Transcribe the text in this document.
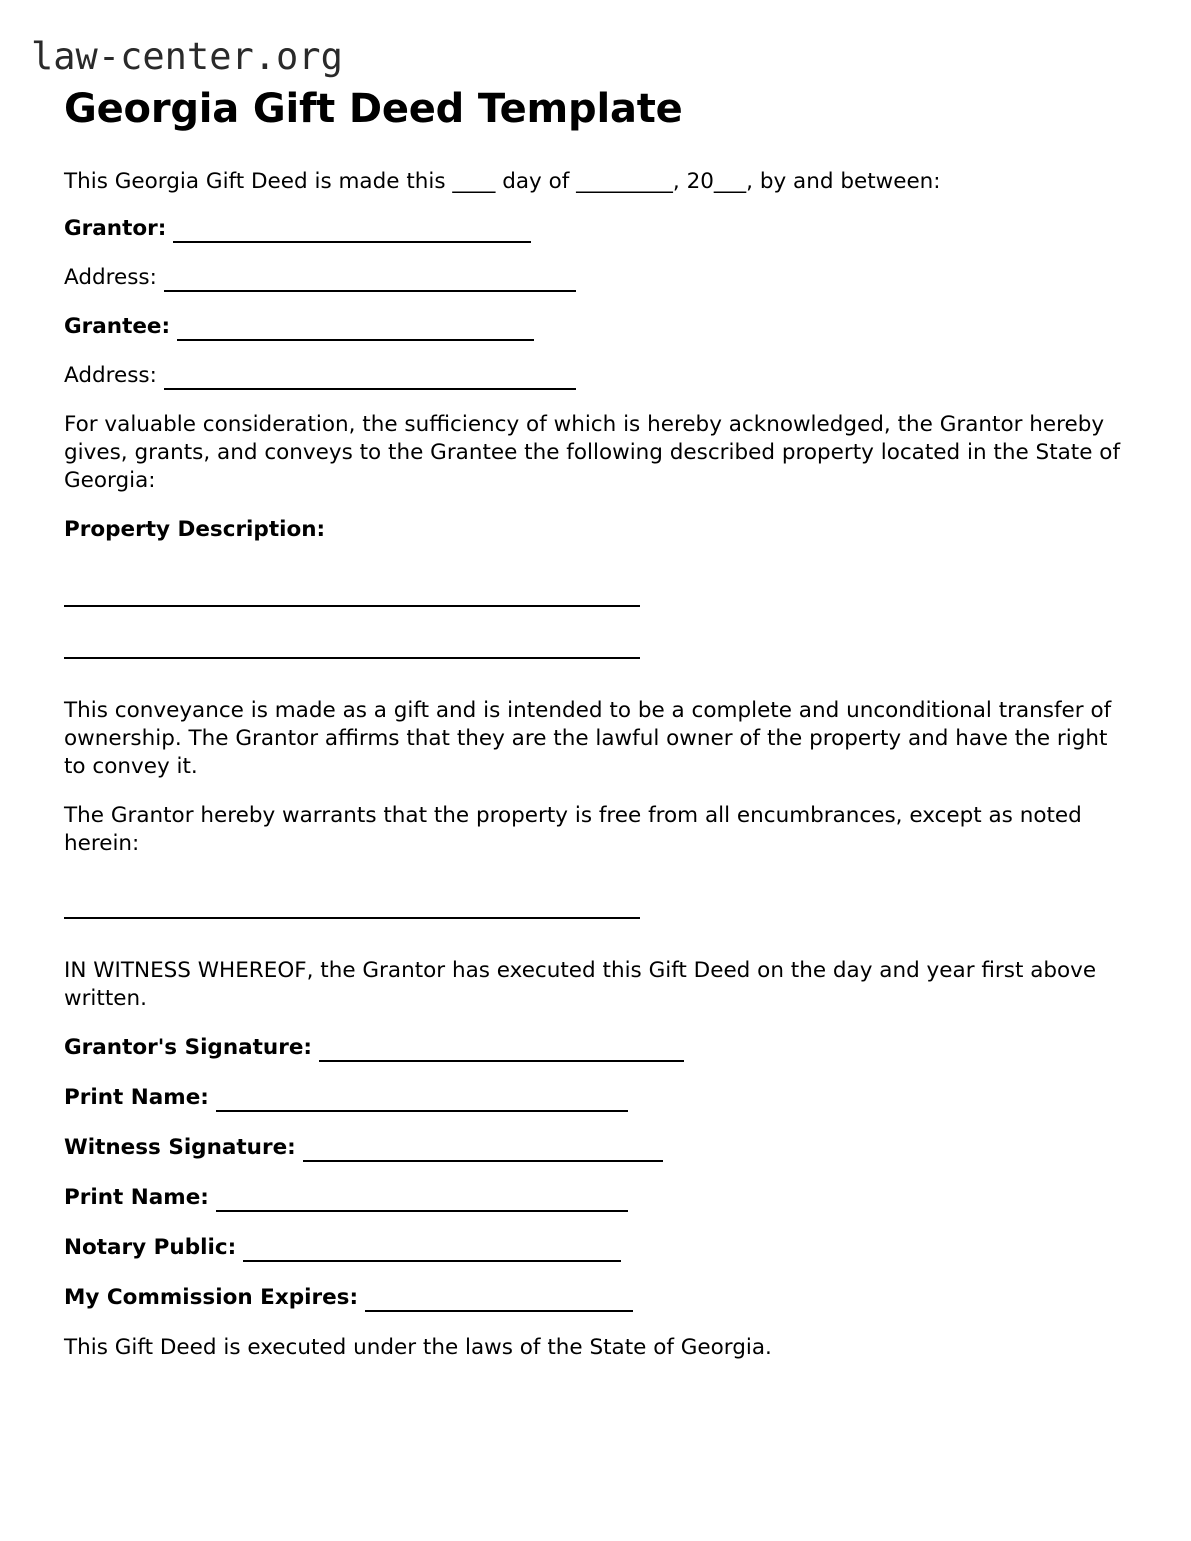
law-center.org
Georgia Gift Deed Template

This Georgia Gift Deed is made this ____ day of _________, 20___, by and between:

Grantor:
Address:
Grantee:
Address:

For valuable consideration, the sufficiency of which is hereby acknowledged, the Grantor hereby gives, grants, and conveys to the Grantee the following described property located in the State of Georgia:

Property Description:

This conveyance is made as a gift and is intended to be a complete and unconditional transfer of ownership. The Grantor affirms that they are the lawful owner of the property and have the right to convey it.

The Grantor hereby warrants that the property is free from all encumbrances, except as noted herein:

IN WITNESS WHEREOF, the Grantor has executed this Gift Deed on the day and year first above written.

Grantor's Signature:
Print Name:
Witness Signature:
Print Name:
Notary Public:
My Commission Expires:

This Gift Deed is executed under the laws of the State of Georgia.
